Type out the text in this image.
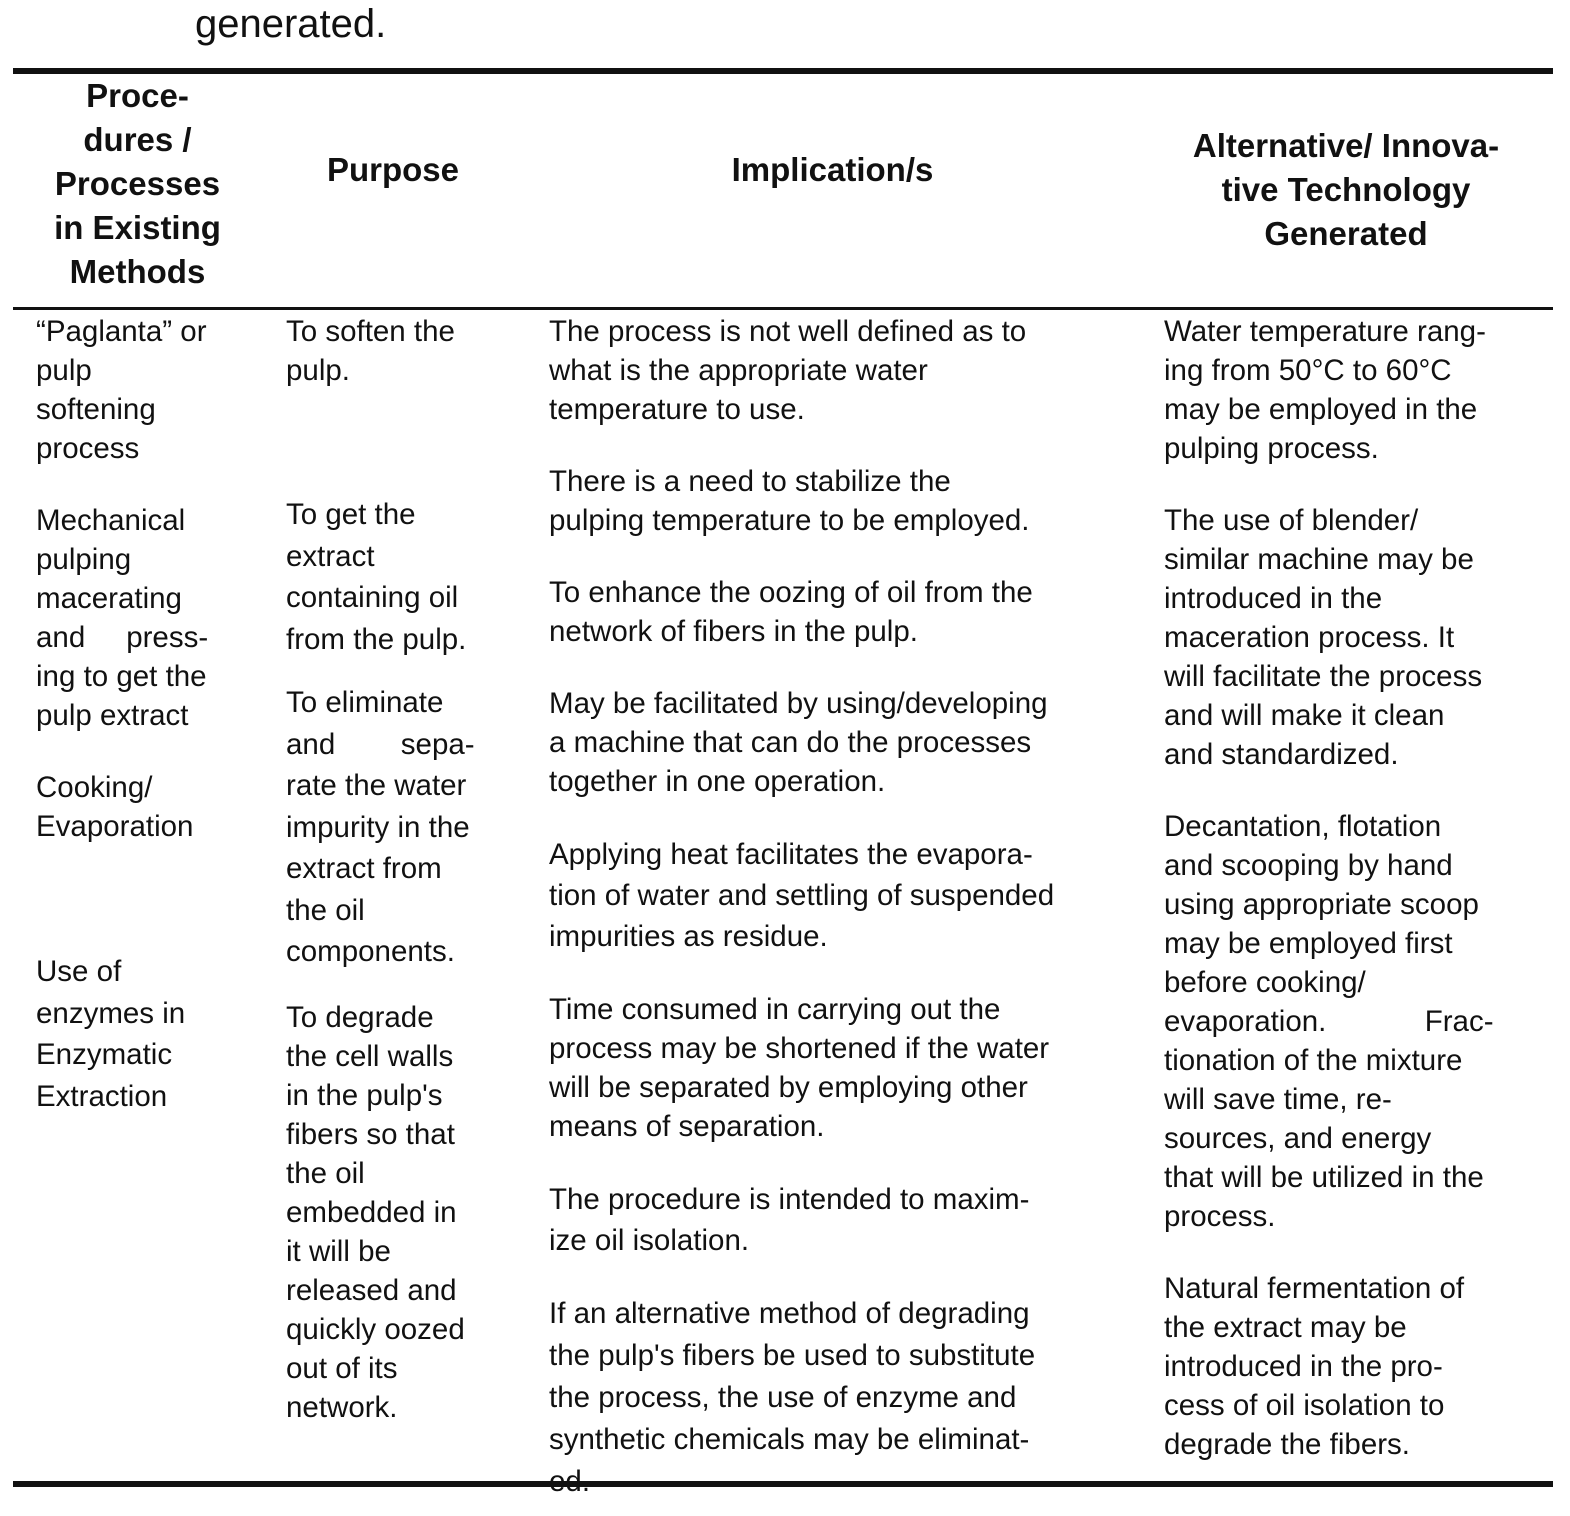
generated.
Proce-
dures /
Processes
in Existing
Methods
Purpose	Implication/s
Alternative/ Innova-
tive Technology
Generated

“Paglanta” or
pulp
softening
process

Mechanical
pulping
macerating
and     press-
ing to get the
pulp extract

Cooking/
Evaporation

Use of
enzymes in
Enzymatic
Extraction

To soften the
pulp.

To get the
extract
containing oil
from the pulp.

To eliminate
and        sepa-
rate the water
impurity in the
extract from
the oil
components.

To degrade
the cell walls
in the pulp's
fibers so that
the oil
embedded in
it will be
released and
quickly oozed
out of its
network.

The process is not well defined as to
what is the appropriate water
temperature to use.

There is a need to stabilize the
pulping temperature to be employed.

To enhance the oozing of oil from the
network of fibers in the pulp.

May be facilitated by using/developing
a machine that can do the processes
together in one operation.

Applying heat facilitates the evapora-
tion of water and settling of suspended
impurities as residue.

Time consumed in carrying out the
process may be shortened if the water
will be separated by employing other
means of separation.

The procedure is intended to maxim-
ize oil isolation.

If an alternative method of degrading
the pulp's fibers be used to substitute
the process, the use of enzyme and
synthetic chemicals may be eliminat-
ed.

Water temperature rang-
ing from 50°C to 60°C
may be employed in the
pulping process.

The use of blender/
similar machine may be
introduced in the
maceration process. It
will facilitate the process
and will make it clean
and standardized.

Decantation, flotation
and scooping by hand
using appropriate scoop
may be employed first
before cooking/
evaporation.            Frac-
tionation of the mixture
will save time, re-
sources, and energy
that will be utilized in the
process.

Natural fermentation of
the extract may be
introduced in the pro-
cess of oil isolation to
degrade the fibers.
